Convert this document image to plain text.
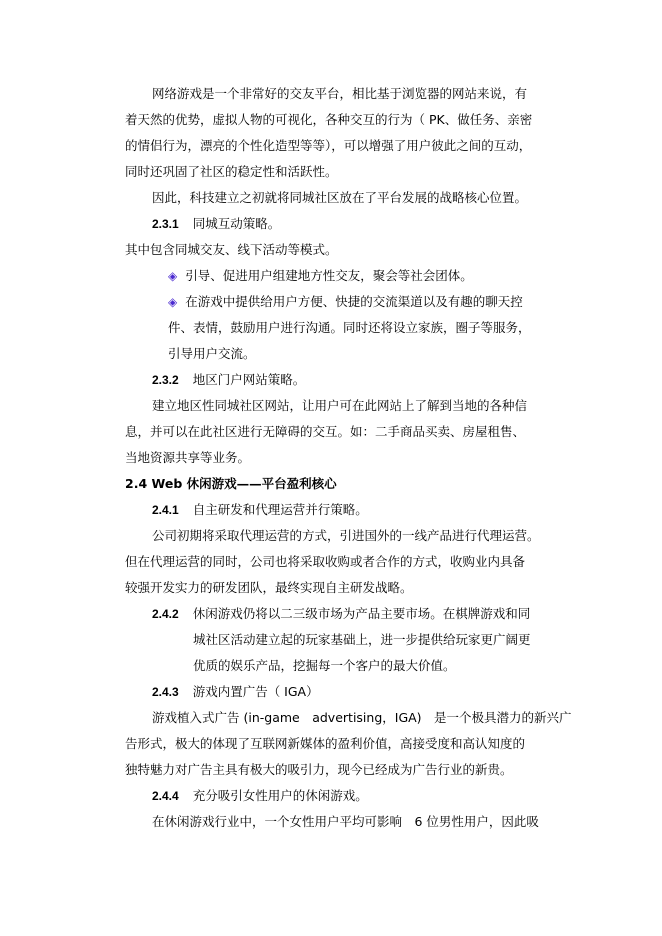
网络游戏是一个非常好的交友平台，相比基于浏览器的网站来说，有
着天然的优势，虚拟人物的可视化，各种交互的行为（ PK、做任务、亲密
的情侣行为，漂亮的个性化造型等等），可以增强了用户彼此之间的互动，
同时还巩固了社区的稳定性和活跃性。
因此，科技建立之初就将同城社区放在了平台发展的战略核心位置。
2.3.1 同城互动策略。
其中包含同城交友、线下活动等模式。
◈ 引导、促进用户组建地方性交友，聚会等社会团体。
◈ 在游戏中提供给用户方便、快捷的交流渠道以及有趣的聊天控
件、表情，鼓励用户进行沟通。同时还将设立家族，圈子等服务，
引导用户交流。
2.3.2 地区门户网站策略。
建立地区性同城社区网站，让用户可在此网站上了解到当地的各种信
息，并可以在此社区进行无障碍的交互。如：二手商品买卖、房屋租售、
当地资源共享等业务。
2.4 Web 休闲游戏——平台盈利核心
2.4.1 自主研发和代理运营并行策略。
公司初期将采取代理运营的方式，引进国外的一线产品进行代理运营。
但在代理运营的同时，公司也将采取收购或者合作的方式，收购业内具备
较强开发实力的研发团队，最终实现自主研发战略。
2.4.2 休闲游戏仍将以二三级市场为产品主要市场。在棋牌游戏和同
城社区活动建立起的玩家基础上，进一步提供给玩家更广阔更
优质的娱乐产品，挖掘每一个客户的最大价值。
2.4.3 游戏内置广告（ IGA）
游戏植入式广告 (in-game　advertising，IGA)　是一个极具潜力的新兴广
告形式，极大的体现了互联网新媒体的盈利价值，高接受度和高认知度的
独特魅力对广告主具有极大的吸引力，现今已经成为广告行业的新贵。
2.4.4 充分吸引女性用户的休闲游戏。
在休闲游戏行业中，一个女性用户平均可影响　6 位男性用户，因此吸
